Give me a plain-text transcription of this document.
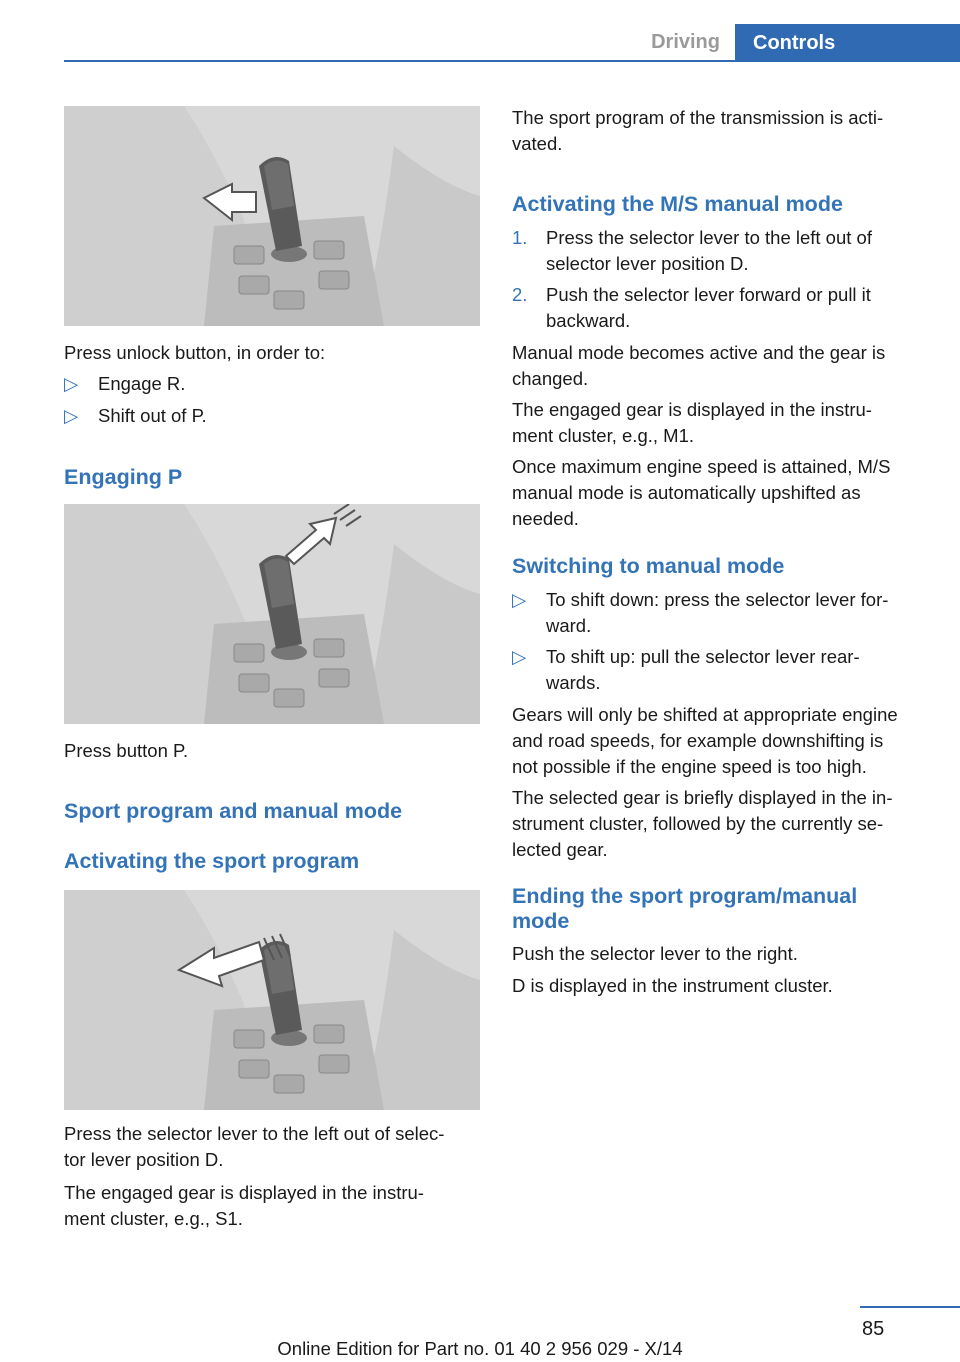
Driving	Controls
Press unlock button, in order to:
▷	Engage R.
▷	Shift out of P.
Engaging P
Press button P.
Sport program and manual mode
Activating the sport program
Press the selector lever to the left out of selec-
tor lever position D.
The engaged gear is displayed in the instru-
ment cluster, e.g., S1.
The sport program of the transmission is acti-
vated.
Activating the M/S manual mode
1.	Press the selector lever to the left out of
selector lever position D.
2.	Push the selector lever forward or pull it
backward.
Manual mode becomes active and the gear is
changed.
The engaged gear is displayed in the instru-
ment cluster, e.g., M1.
Once maximum engine speed is attained, M/S
manual mode is automatically upshifted as
needed.
Switching to manual mode
▷	To shift down: press the selector lever for-
ward.
▷	To shift up: pull the selector lever rear-
wards.
Gears will only be shifted at appropriate engine
and road speeds, for example downshifting is
not possible if the engine speed is too high.
The selected gear is briefly displayed in the in-
strument cluster, followed by the currently se-
lected gear.
Ending the sport program/manual
mode
Push the selector lever to the right.
D is displayed in the instrument cluster.
85
Online Edition for Part no. 01 40 2 956 029 - X/14
